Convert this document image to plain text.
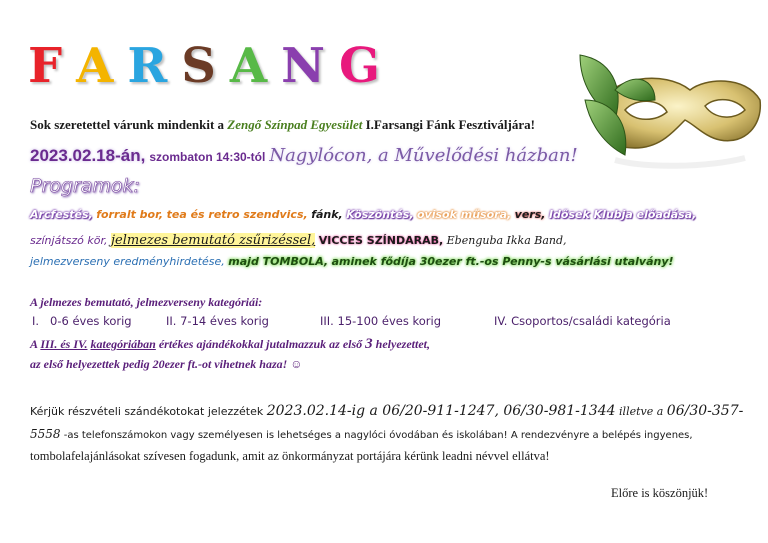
F A R S A N G
Sok szeretettel várunk mindenkit a Zengő Színpad Egyesület I.Farsangi Fánk Fesztiváljára!
2023.02.18-án, szombaton 14:30-tól Nagylócon, a Művelődési házban!
Programok:
Arcfestés, forralt bor, tea és retro szendvics, fánk, Köszöntés, ovisok műsora, vers, Idősek Klubja előadása,
színjátszó kör, jelmezes bemutató zsűrizéssel, VICCES SZÍNDARAB, Ebenguba Ikka Band,
jelmezverseny eredményhirdetése, majd TOMBOLA, aminek fődíja 30ezer ft.-os Penny-s vásárlási utalvány!
A jelmezes bemutató, jelmezverseny kategóriái:
I. 0-6 éves korig	II. 7-14 éves korig	III. 15-100 éves korig	IV. Csoportos/családi kategória
A III. és IV. kategóriában értékes ajándékokkal jutalmazzuk az első 3 helyezettet,
az első helyezettek pedig 20ezer ft.-ot vihetnek haza! ☺
Kérjük részvételi szándékotokat jelezzétek 2023.02.14-ig a 06/20-911-1247, 06/30-981-1344 illetve a 06/30-357-
5558 -as telefonszámokon vagy személyesen is lehetséges a nagylóci óvodában és iskolában! A rendezvényre a belépés ingyenes,
tombolafelajánlásokat szívesen fogadunk, amit az önkormányzat portájára kérünk leadni névvel ellátva!
Előre is köszönjük!
